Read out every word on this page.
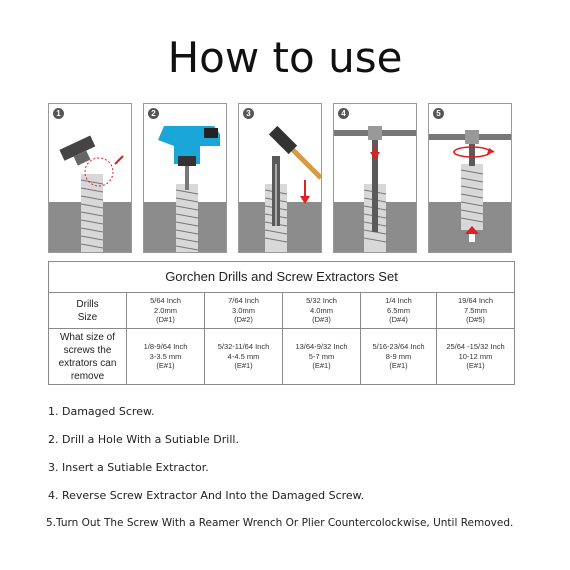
How to use
1	2	3	4	5
Gorchen Drills and Screw Extractors Set					

Drills
Size	5/64 Inch
2.0mm
(D#1)	7/64 Inch
3.0mm
(D#2)	5/32 Inch
4.0mm
(D#3)	1/4 Inch
6.5mm
(D#4)	19/64 Inch
7.5mm
(D#5)

What size of
screws the
extrators can
remove	1/8-9/64 Inch
3-3.5 mm
(E#1)	5/32-11/64 Inch
4-4.5 mm
(E#1)	13/64-9/32 Inch
5-7 mm
(E#1)	5/16-23/64 Inch
8-9 mm
(E#1)	25/64 -15/32 Inch
10-12 mm
(E#1)
1. Damaged Screw.
2. Drill a Hole With a Sutiable Drill.
3. Insert a Sutiable Extractor.
4. Reverse Screw Extractor And Into the Damaged Screw.
5.Turn Out The Screw With a Reamer Wrench Or Plier Countercolockwise, Until Removed.
